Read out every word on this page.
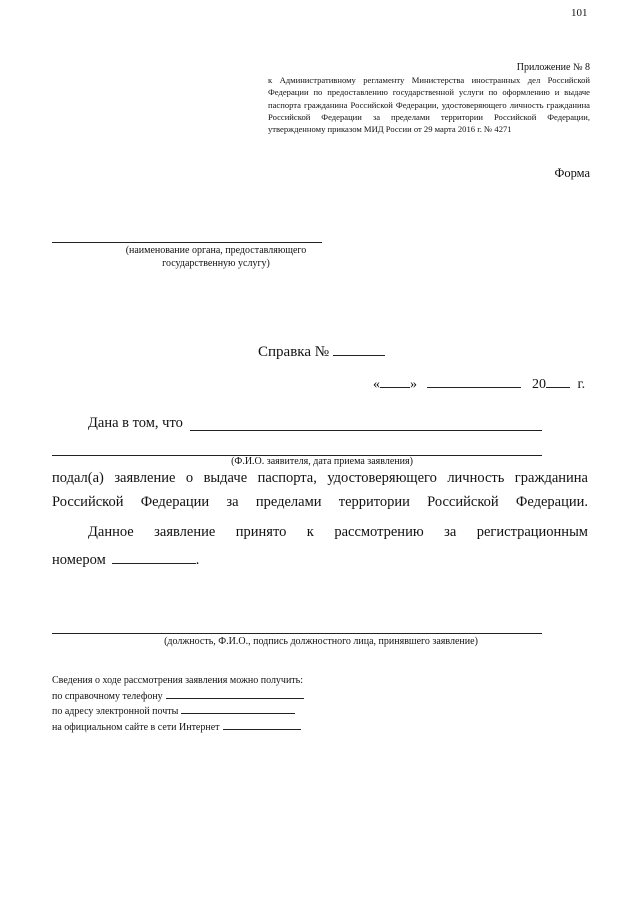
101
Приложение № 8
к Административному регламенту Министерства иностранных дел Российской Федерации по предоставлению государственной услуги по оформлению и выдаче паспорта гражданина Российской Федерации, удостоверяющего личность гражданина Российской Федерации за пределами территории Российской Федерации, утвержденному приказом МИД России от 29 марта 2016 г. № 4271
Форма
(наименование органа, предоставляющего государственную услугу)
Справка №
« »	20 г.
Дана в том, что
(Ф.И.О. заявителя, дата приема заявления)
подал(а) заявление о выдаче паспорта, удостоверяющего личность гражданина Российской Федерации за пределами территории Российской Федерации.
Данное заявление принято к рассмотрению за регистрационным
номером	.
(должность, Ф.И.О., подпись должностного лица, принявшего заявление)
Сведения о ходе рассмотрения заявления можно получить:
по справочному телефону
по адресу электронной почты
на официальном сайте в сети Интернет
